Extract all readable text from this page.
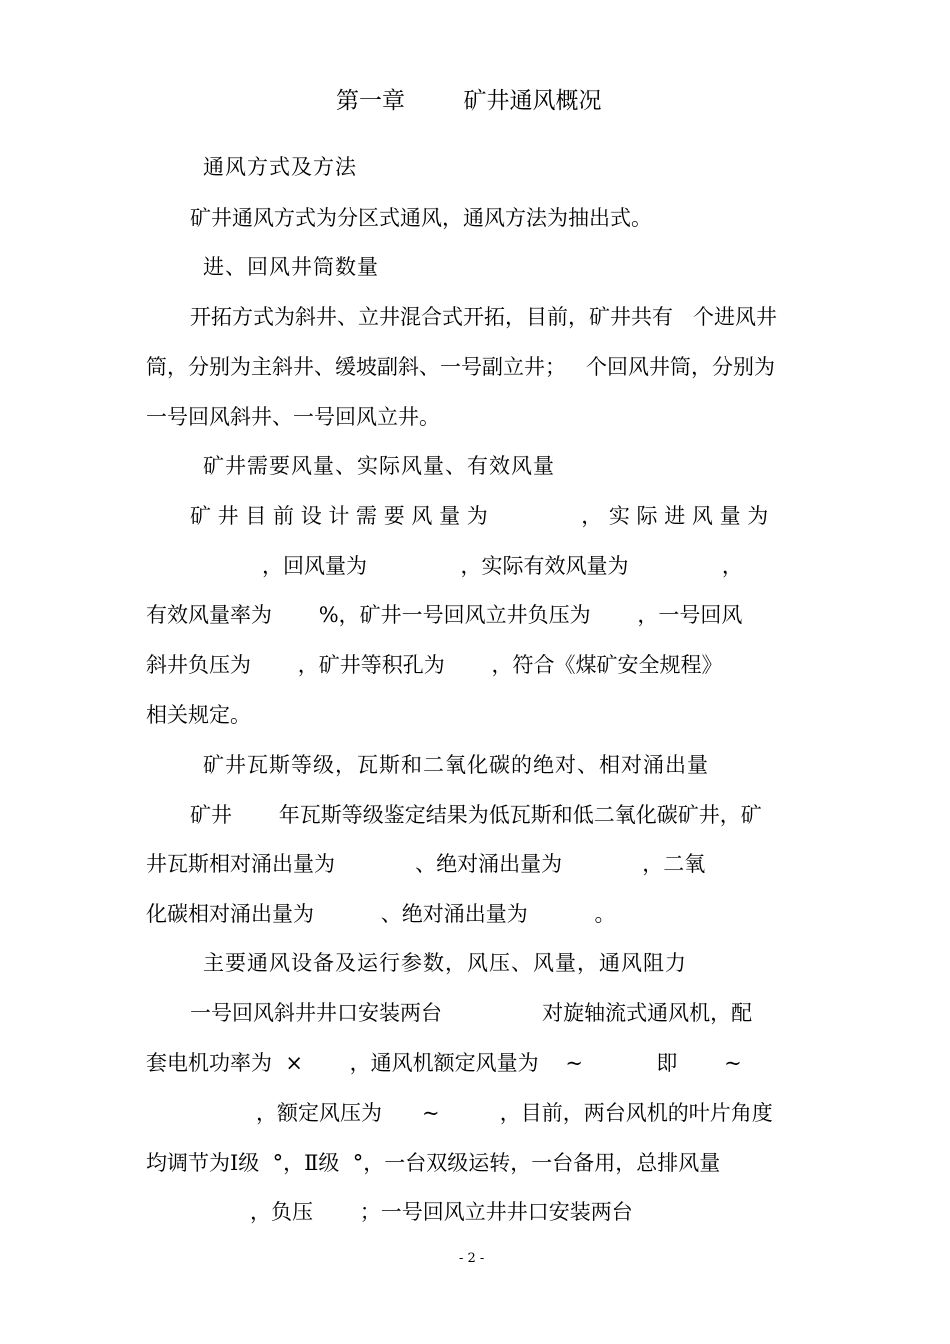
第一章        矿井通风概况

通风方式及方法

矿井通风方式为分区式通风，通风方法为抽出式。

进、回风井筒数量

开拓方式为斜井、立井混合式开拓，目前，矿井共有   个进风井

筒，分别为主斜井、缓坡副斜、一号副立井；   个回风井筒，分别为

一号回风斜井、一号回风立井。

矿井需要风量、实际风量、有效风量

矿 井 目 前 设 计 需 要 风 量 为              ， 实 际 进 风 量 为

，回风量为              ，实际有效风量为              ，

有效风量率为       %，矿井一号回风立井负压为       ，一号回风

斜井负压为       ，矿井等积孔为       ，符合《煤矿安全规程》

相关规定。

矿井瓦斯等级，瓦斯和二氧化碳的绝对、相对涌出量

矿井       年瓦斯等级鉴定结果为低瓦斯和低二氧化碳矿井，矿

井瓦斯相对涌出量为            、绝对涌出量为            ，二氧

化碳相对涌出量为          、绝对涌出量为          。

主要通风设备及运行参数，风压、风量，通风阻力

一号回风斜井井口安装两台               对旋轴流式通风机，配

套电机功率为  ×       ，通风机额定风量为    ~           即       ~

，额定风压为      ~         ，目前，两台风机的叶片角度

均调节为Ⅰ级  °，Ⅱ级  °，一台双级运转，一台备用，总排风量

，负压       ；一号回风立井井口安装两台

- 2 -
